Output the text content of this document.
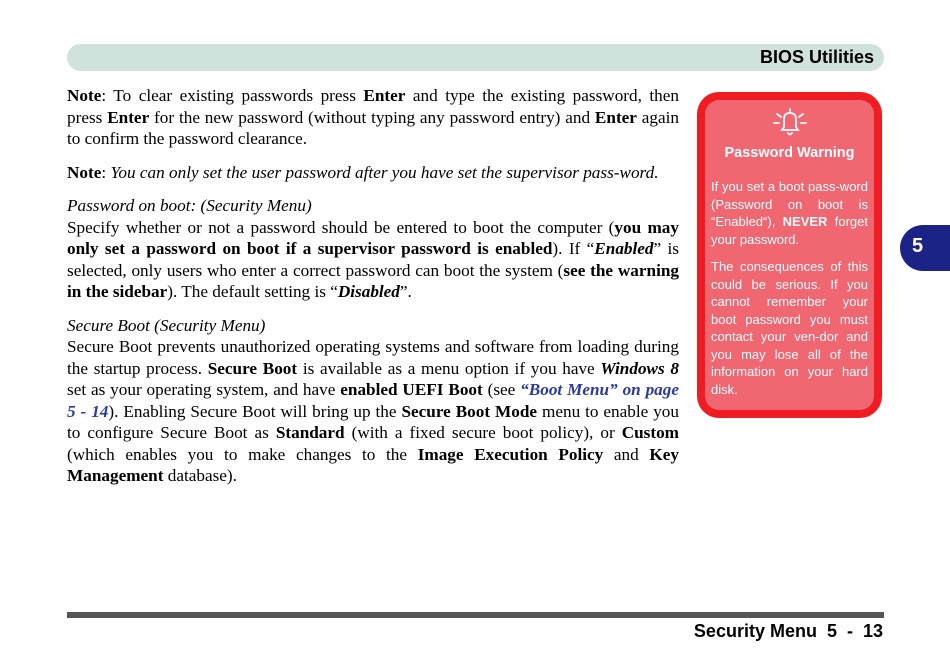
BIOS Utilities

Note: To clear existing passwords press Enter and type the existing password, then press Enter for the new password (without typing any password entry) and Enter again to confirm the password clearance.

Note: You can only set the user password after you have set the supervisor pass-word.

Password on boot: (Security Menu)

Specify whether or not a password should be entered to boot the computer (you may only set a password on boot if a supervisor password is enabled). If “Enabled” is selected, only users who enter a correct password can boot the system (see the warning in the sidebar). The default setting is “Disabled”.

Secure Boot (Security Menu)

Secure Boot prevents unauthorized operating systems and software from loading during the startup process. Secure Boot is available as a menu option if you have Windows 8 set as your operating system, and have enabled UEFI Boot (see “Boot Menu” on page 5 - 14). Enabling Secure Boot will bring up the Secure Boot Mode menu to enable you to configure Secure Boot as Standard (with a fixed secure boot policy), or Custom (which enables you to make changes to the Image Execution Policy and Key Management database).

Password Warning
If you set a boot pass-word (Password on boot is “Enabled“), NEVER forget your password.
The consequences of this could be serious. If you cannot remember your boot password you must contact your ven-dor and you may lose all of the information on your hard disk.
5
Security Menu 5  -  13
